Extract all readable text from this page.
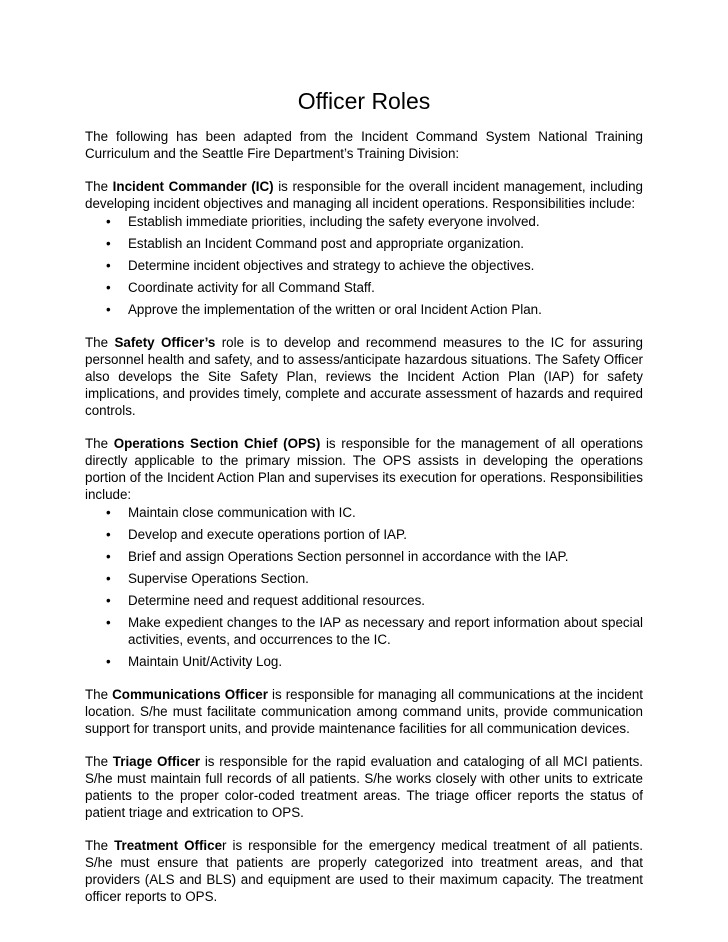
Officer Roles

The following has been adapted from the Incident Command System National Training Curriculum and the Seattle Fire Department’s Training Division:

The Incident Commander (IC) is responsible for the overall incident management, including developing incident objectives and managing all incident operations. Responsibilities include:

• Establish immediate priorities, including the safety everyone involved.
• Establish an Incident Command post and appropriate organization.
• Determine incident objectives and strategy to achieve the objectives.
• Coordinate activity for all Command Staff.
• Approve the implementation of the written or oral Incident Action Plan.

The Safety Officer’s role is to develop and recommend measures to the IC for assuring personnel health and safety, and to assess/anticipate hazardous situations. The Safety Officer also develops the Site Safety Plan, reviews the Incident Action Plan (IAP) for safety implications, and provides timely, complete and accurate assessment of hazards and required controls.

The Operations Section Chief (OPS) is responsible for the management of all operations directly applicable to the primary mission. The OPS assists in developing the operations portion of the Incident Action Plan and supervises its execution for operations. Responsibilities include:

• Maintain close communication with IC.
• Develop and execute operations portion of IAP.
• Brief and assign Operations Section personnel in accordance with the IAP.
• Supervise Operations Section.
• Determine need and request additional resources.
• Make expedient changes to the IAP as necessary and report information about special activities, events, and occurrences to the IC.
• Maintain Unit/Activity Log.

The Communications Officer is responsible for managing all communications at the incident location. S/he must facilitate communication among command units, provide communication support for transport units, and provide maintenance facilities for all communication devices.

The Triage Officer is responsible for the rapid evaluation and cataloging of all MCI patients. S/he must maintain full records of all patients. S/he works closely with other units to extricate patients to the proper color-coded treatment areas. The triage officer reports the status of patient triage and extrication to OPS.

The Treatment Officer is responsible for the emergency medical treatment of all patients. S/he must ensure that patients are properly categorized into treatment areas, and that providers (ALS and BLS) and equipment are used to their maximum capacity. The treatment officer reports to OPS.
